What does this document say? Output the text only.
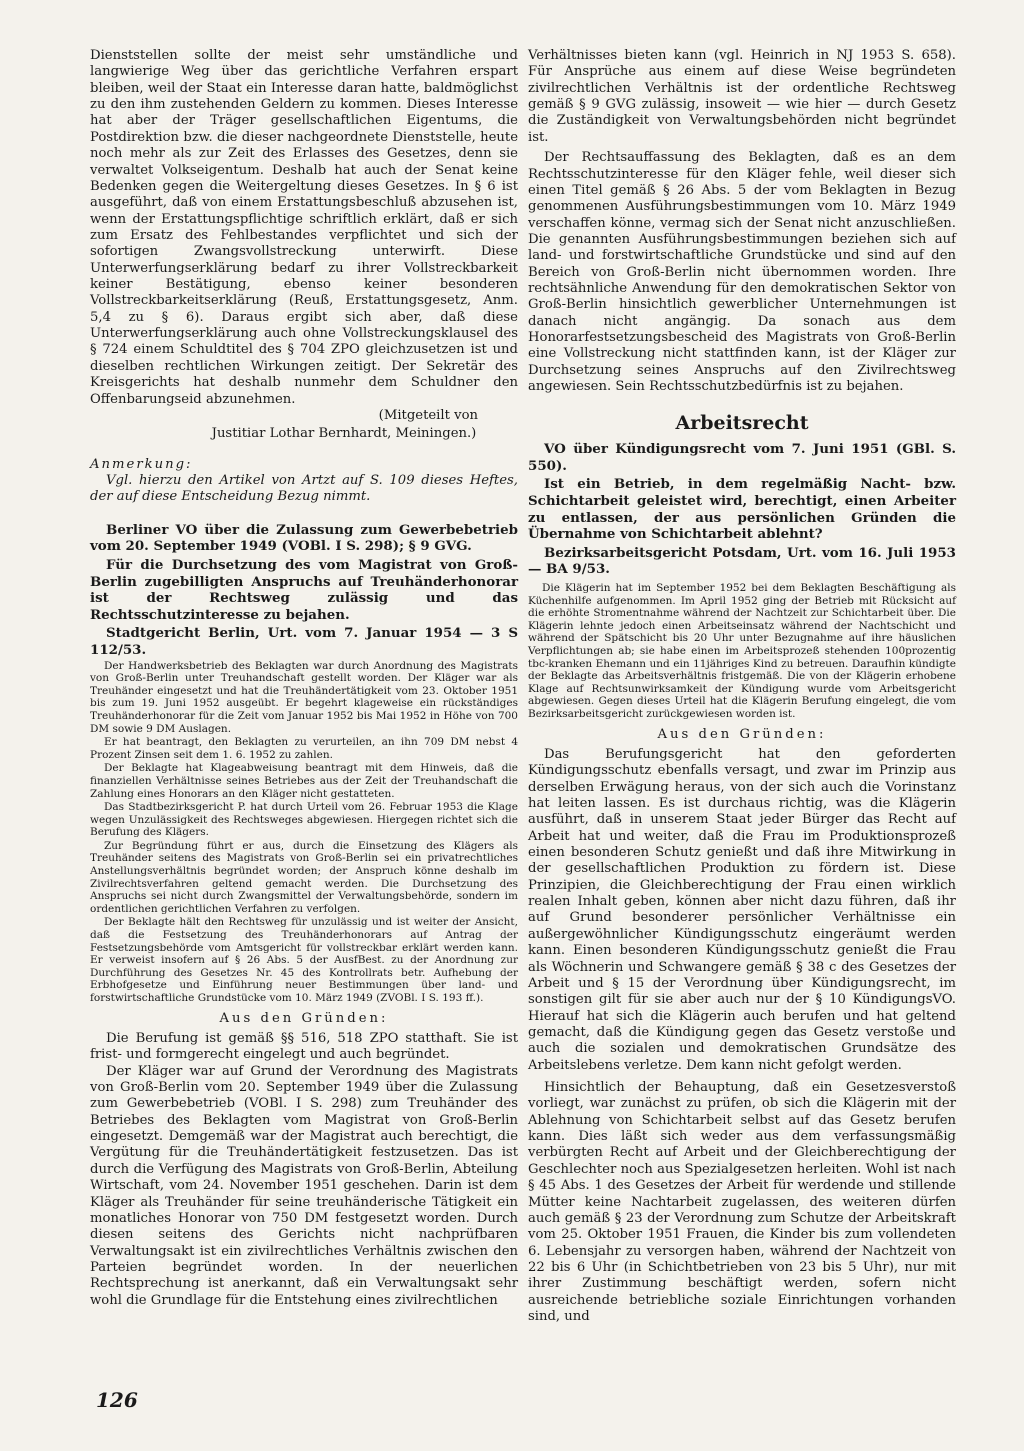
Dienststellen sollte der meist sehr umständliche und langwierige Weg über das gerichtliche Verfahren erspart bleiben, weil der Staat ein Interesse daran hatte, baldmöglichst zu den ihm zustehenden Geldern zu kommen. Dieses Interesse hat aber der Träger gesellschaftlichen Eigentums, die Postdirektion bzw. die dieser nachgeordnete Dienststelle, heute noch mehr als zur Zeit des Erlasses des Gesetzes, denn sie verwaltet Volkseigentum. Deshalb hat auch der Senat keine Bedenken gegen die Weitergeltung dieses Gesetzes. In § 6 ist ausgeführt, daß von einem Erstattungsbeschluß abzusehen ist, wenn der Erstattungspflichtige schriftlich erklärt, daß er sich zum Ersatz des Fehlbestandes verpflichtet und sich der sofortigen Zwangsvollstreckung unterwirft. Diese Unterwerfungserklärung bedarf zu ihrer Vollstreckbarkeit keiner Bestätigung, ebenso keiner besonderen Vollstreckbarkeitserklärung (Reuß, Erstattungsgesetz, Anm. 5,4 zu § 6). Daraus ergibt sich aber, daß diese Unterwerfungserklärung auch ohne Vollstreckungsklausel des § 724 einem Schuldtitel des § 704 ZPO gleichzusetzen ist und dieselben rechtlichen Wirkungen zeitigt. Der Sekretär des Kreisgerichts hat deshalb nunmehr dem Schuldner den Offenbarungseid abzunehmen.

(Mitgeteilt von

Justitiar Lothar Bernhardt, Meiningen.)

Anmerkung:

Vgl. hierzu den Artikel von Artzt auf S. 109 dieses Heftes, der auf diese Entscheidung Bezug nimmt.

Berliner VO über die Zulassung zum Gewerbebetrieb vom 20. September 1949 (VOBl. I S. 298); § 9 GVG.

Für die Durchsetzung des vom Magistrat von Groß-Berlin zugebilligten Anspruchs auf Treuhänderhonorar ist der Rechtsweg zulässig und das Rechtsschutzinteresse zu bejahen.

Stadtgericht Berlin, Urt. vom 7. Januar 1954 — 3 S 112/53.

Der Handwerksbetrieb des Beklagten war durch Anordnung des Magistrats von Groß-Berlin unter Treuhandschaft gestellt worden. Der Kläger war als Treuhänder eingesetzt und hat die Treuhändertätigkeit vom 23. Oktober 1951 bis zum 19. Juni 1952 ausgeübt. Er begehrt klageweise ein rückständiges Treuhänderhonorar für die Zeit vom Januar 1952 bis Mai 1952 in Höhe von 700 DM sowie 9 DM Auslagen.

Er hat beantragt, den Beklagten zu verurteilen, an ihn 709 DM nebst 4 Prozent Zinsen seit dem 1. 6. 1952 zu zahlen.

Der Beklagte hat Klageabweisung beantragt mit dem Hinweis, daß die finanziellen Verhältnisse seines Betriebes aus der Zeit der Treuhandschaft die Zahlung eines Honorars an den Kläger nicht gestatteten.

Das Stadtbezirksgericht P. hat durch Urteil vom 26. Februar 1953 die Klage wegen Unzulässigkeit des Rechtsweges abgewiesen. Hiergegen richtet sich die Berufung des Klägers.

Zur Begründung führt er aus, durch die Einsetzung des Klägers als Treuhänder seitens des Magistrats von Groß-Berlin sei ein privatrechtliches Anstellungsverhältnis begründet worden; der Anspruch könne deshalb im Zivilrechtsverfahren geltend gemacht werden. Die Durchsetzung des Anspruchs sei nicht durch Zwangsmittel der Verwaltungsbehörde, sondern im ordentlichen gerichtlichen Verfahren zu verfolgen.

Der Beklagte hält den Rechtsweg für unzulässig und ist weiter der Ansicht, daß die Festsetzung des Treuhänderhonorars auf Antrag der Festsetzungsbehörde vom Amtsgericht für vollstreckbar erklärt werden kann. Er verweist insofern auf § 26 Abs. 5 der AusfBest. zu der Anordnung zur Durchführung des Gesetzes Nr. 45 des Kontrollrats betr. Aufhebung der Erbhofgesetze und Einführung neuer Bestimmungen über land- und forstwirtschaftliche Grundstücke vom 10. März 1949 (ZVOBl. I S. 193 ff.).

Aus den Gründen:

Die Berufung ist gemäß §§ 516, 518 ZPO statthaft. Sie ist frist- und formgerecht eingelegt und auch begründet.

Der Kläger war auf Grund der Verordnung des Magistrats von Groß-Berlin vom 20. September 1949 über die Zulassung zum Gewerbebetrieb (VOBl. I S. 298) zum Treuhänder des Betriebes des Beklagten vom Magistrat von Groß-Berlin eingesetzt. Demgemäß war der Magistrat auch berechtigt, die Vergütung für die Treuhändertätigkeit festzusetzen. Das ist durch die Verfügung des Magistrats von Groß-Berlin, Abteilung Wirtschaft, vom 24. November 1951 geschehen. Darin ist dem Kläger als Treuhänder für seine treuhänderische Tätigkeit ein monatliches Honorar von 750 DM festgesetzt worden. Durch diesen seitens des Gerichts nicht nachprüfbaren Verwaltungsakt ist ein zivilrechtliches Verhältnis zwischen den Parteien begründet worden. In der neuerlichen Rechtsprechung ist anerkannt, daß ein Verwaltungsakt sehr wohl die Grundlage für die Entstehung eines zivilrechtlichen

Verhältnisses bieten kann (vgl. Heinrich in NJ 1953 S. 658). Für Ansprüche aus einem auf diese Weise begründeten zivilrechtlichen Verhältnis ist der ordentliche Rechtsweg gemäß § 9 GVG zulässig, insoweit — wie hier — durch Gesetz die Zuständigkeit von Verwaltungsbehörden nicht begründet ist.

Der Rechtsauffassung des Beklagten, daß es an dem Rechtsschutzinteresse für den Kläger fehle, weil dieser sich einen Titel gemäß § 26 Abs. 5 der vom Beklagten in Bezug genommenen Ausführungsbestimmungen vom 10. März 1949 verschaffen könne, vermag sich der Senat nicht anzuschließen. Die genannten Ausführungsbestimmungen beziehen sich auf land- und forstwirtschaftliche Grundstücke und sind auf den Bereich von Groß-Berlin nicht übernommen worden. Ihre rechtsähnliche Anwendung für den demokratischen Sektor von Groß-Berlin hinsichtlich gewerblicher Unternehmungen ist danach nicht angängig. Da sonach aus dem Honorarfestsetzungsbescheid des Magistrats von Groß-Berlin eine Vollstreckung nicht stattfinden kann, ist der Kläger zur Durchsetzung seines Anspruchs auf den Zivilrechtsweg angewiesen. Sein Rechtsschutzbedürfnis ist zu bejahen.

Arbeitsrecht

VO über Kündigungsrecht vom 7. Juni 1951 (GBl. S. 550).

Ist ein Betrieb, in dem regelmäßig Nacht- bzw. Schichtarbeit geleistet wird, berechtigt, einen Arbeiter zu entlassen, der aus persönlichen Gründen die Übernahme von Schichtarbeit ablehnt?

Bezirksarbeitsgericht Potsdam, Urt. vom 16. Juli 1953 — BA 9/53.

Die Klägerin hat im September 1952 bei dem Beklagten Beschäftigung als Küchenhilfe aufgenommen. Im April 1952 ging der Betrieb mit Rücksicht auf die erhöhte Stromentnahme während der Nachtzeit zur Schichtarbeit über. Die Klägerin lehnte jedoch einen Arbeitseinsatz während der Nachtschicht und während der Spätschicht bis 20 Uhr unter Bezugnahme auf ihre häuslichen Verpflichtungen ab; sie habe einen im Arbeitsprozeß stehenden 100prozentig tbc-kranken Ehemann und ein 11jähriges Kind zu betreuen. Daraufhin kündigte der Beklagte das Arbeitsverhältnis fristgemäß. Die von der Klägerin erhobene Klage auf Rechtsunwirksamkeit der Kündigung wurde vom Arbeitsgericht abgewiesen. Gegen dieses Urteil hat die Klägerin Berufung eingelegt, die vom Bezirksarbeitsgericht zurückgewiesen worden ist.

Aus den Gründen:

Das Berufungsgericht hat den geforderten Kündigungsschutz ebenfalls versagt, und zwar im Prinzip aus derselben Erwägung heraus, von der sich auch die Vorinstanz hat leiten lassen. Es ist durchaus richtig, was die Klägerin ausführt, daß in unserem Staat jeder Bürger das Recht auf Arbeit hat und weiter, daß die Frau im Produktionsprozeß einen besonderen Schutz genießt und daß ihre Mitwirkung in der gesellschaftlichen Produktion zu fördern ist. Diese Prinzipien, die Gleichberechtigung der Frau einen wirklich realen Inhalt geben, können aber nicht dazu führen, daß ihr auf Grund besonderer persönlicher Verhältnisse ein außergewöhnlicher Kündigungsschutz eingeräumt werden kann. Einen besonderen Kündigungsschutz genießt die Frau als Wöchnerin und Schwangere gemäß § 38 c des Gesetzes der Arbeit und § 15 der Verordnung über Kündigungsrecht, im sonstigen gilt für sie aber auch nur der § 10 KündigungsVO. Hierauf hat sich die Klägerin auch berufen und hat geltend gemacht, daß die Kündigung gegen das Gesetz verstoße und auch die sozialen und demokratischen Grundsätze des Arbeitslebens verletze. Dem kann nicht gefolgt werden.

Hinsichtlich der Behauptung, daß ein Gesetzesverstoß vorliegt, war zunächst zu prüfen, ob sich die Klägerin mit der Ablehnung von Schichtarbeit selbst auf das Gesetz berufen kann. Dies läßt sich weder aus dem verfassungsmäßig verbürgten Recht auf Arbeit und der Gleichberechtigung der Geschlechter noch aus Spezialgesetzen herleiten. Wohl ist nach § 45 Abs. 1 des Gesetzes der Arbeit für werdende und stillende Mütter keine Nachtarbeit zugelassen, des weiteren dürfen auch gemäß § 23 der Verordnung zum Schutze der Arbeitskraft vom 25. Oktober 1951 Frauen, die Kinder bis zum vollendeten 6. Lebensjahr zu versorgen haben, während der Nachtzeit von 22 bis 6 Uhr (in Schichtbetrieben von 23 bis 5 Uhr), nur mit ihrer Zustimmung beschäftigt werden, sofern nicht ausreichende betriebliche soziale Einrichtungen vorhanden sind, und

126
